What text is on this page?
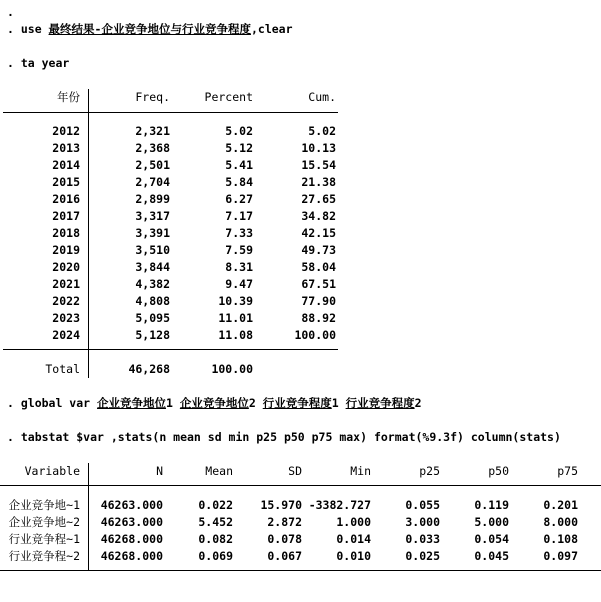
.
. use 最终结果-企业竞争地位与行业竞争程度,clear
. ta year
年份	Freq.	Percent	Cum.
2012	2,321	5.02	5.02
2013	2,368	5.12	10.13
2014	2,501	5.41	15.54
2015	2,704	5.84	21.38
2016	2,899	6.27	27.65
2017	3,317	7.17	34.82
2018	3,391	7.33	42.15
2019	3,510	7.59	49.73
2020	3,844	8.31	58.04
2021	4,382	9.47	67.51
2022	4,808	10.39	77.90
2023	5,095	11.01	88.92
2024	5,128	11.08	100.00
Total	46,268	100.00
. global var 企业竞争地位1 企业竞争地位2 行业竞争程度1 行业竞争程度2
. tabstat $var ,stats(n mean sd min p25 p50 p75 max) format(%9.3f) column(stats)
Variable	N	Mean	SD	Min	p25	p50	p75
企业竞争地~1	46263.000	0.022	15.970 -3382.727	0.055	0.119	0.201
企业竞争地~2	46263.000	5.452	2.872	1.000	3.000	5.000	8.000
行业竞争程~1	46268.000	0.082	0.078	0.014	0.033	0.054	0.108
行业竞争程~2	46268.000	0.069	0.067	0.010	0.025	0.045	0.097
